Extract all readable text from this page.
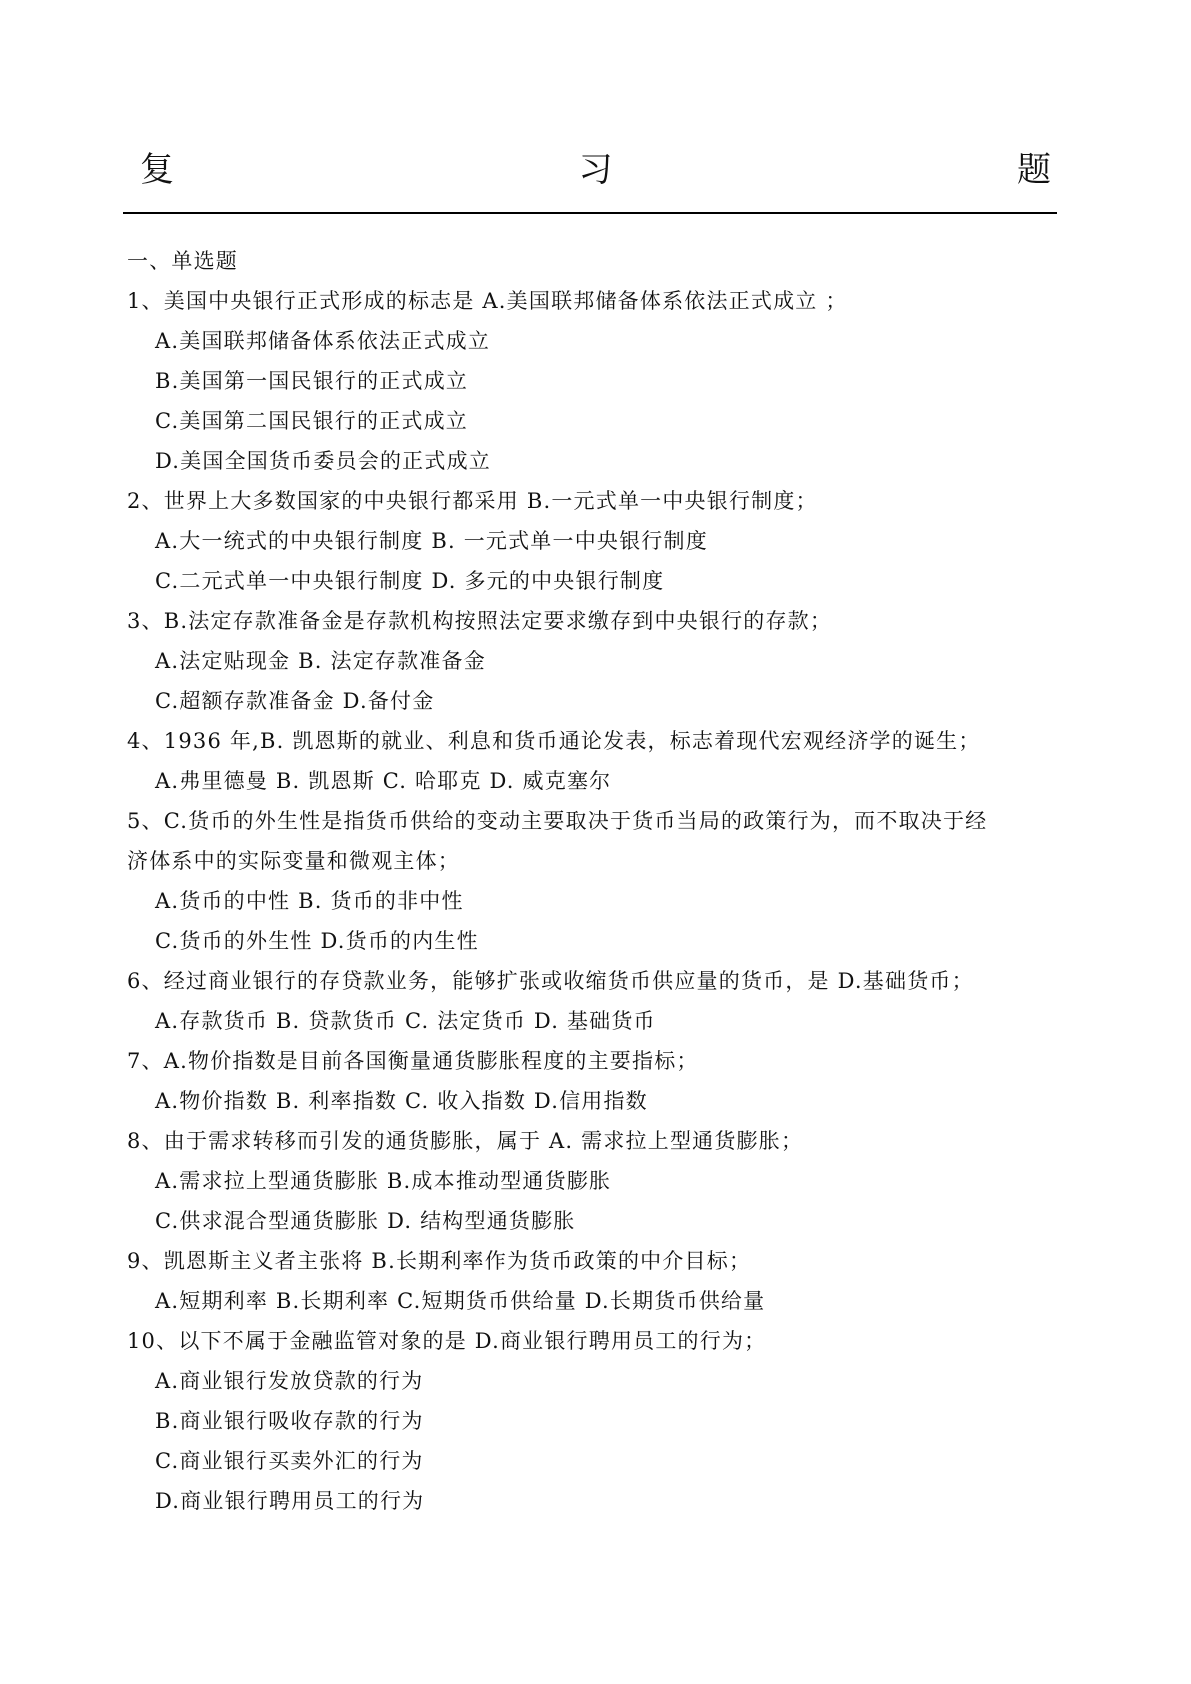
复	习	题
一、单选题
1、美国中央银行正式形成的标志是 A.美国联邦储备体系依法正式成立 ；
A.美国联邦储备体系依法正式成立
B.美国第一国民银行的正式成立
C.美国第二国民银行的正式成立
D.美国全国货币委员会的正式成立
2、世界上大多数国家的中央银行都采用 B.一元式单一中央银行制度；
A.大一统式的中央银行制度 B. 一元式单一中央银行制度
C.二元式单一中央银行制度 D. 多元的中央银行制度
3、B.法定存款准备金是存款机构按照法定要求缴存到中央银行的存款；
A.法定贴现金 B. 法定存款准备金
C.超额存款准备金 D.备付金
4、1936 年,B. 凯恩斯的就业、利息和货币通论发表，标志着现代宏观经济学的诞生；
A.弗里德曼 B. 凯恩斯 C. 哈耶克 D. 威克塞尔
5、C.货币的外生性是指货币供给的变动主要取决于货币当局的政策行为，而不取决于经
济体系中的实际变量和微观主体；
A.货币的中性 B. 货币的非中性
C.货币的外生性 D.货币的内生性
6、经过商业银行的存贷款业务，能够扩张或收缩货币供应量的货币，是 D.基础货币；
A.存款货币 B. 贷款货币 C. 法定货币 D. 基础货币
7、A.物价指数是目前各国衡量通货膨胀程度的主要指标；
A.物价指数 B. 利率指数 C. 收入指数 D.信用指数
8、由于需求转移而引发的通货膨胀，属于 A. 需求拉上型通货膨胀；
A.需求拉上型通货膨胀 B.成本推动型通货膨胀
C.供求混合型通货膨胀 D. 结构型通货膨胀
9、凯恩斯主义者主张将 B.长期利率作为货币政策的中介目标；
A.短期利率 B.长期利率 C.短期货币供给量 D.长期货币供给量
10、以下不属于金融监管对象的是 D.商业银行聘用员工的行为；
A.商业银行发放贷款的行为
B.商业银行吸收存款的行为
C.商业银行买卖外汇的行为
D.商业银行聘用员工的行为
